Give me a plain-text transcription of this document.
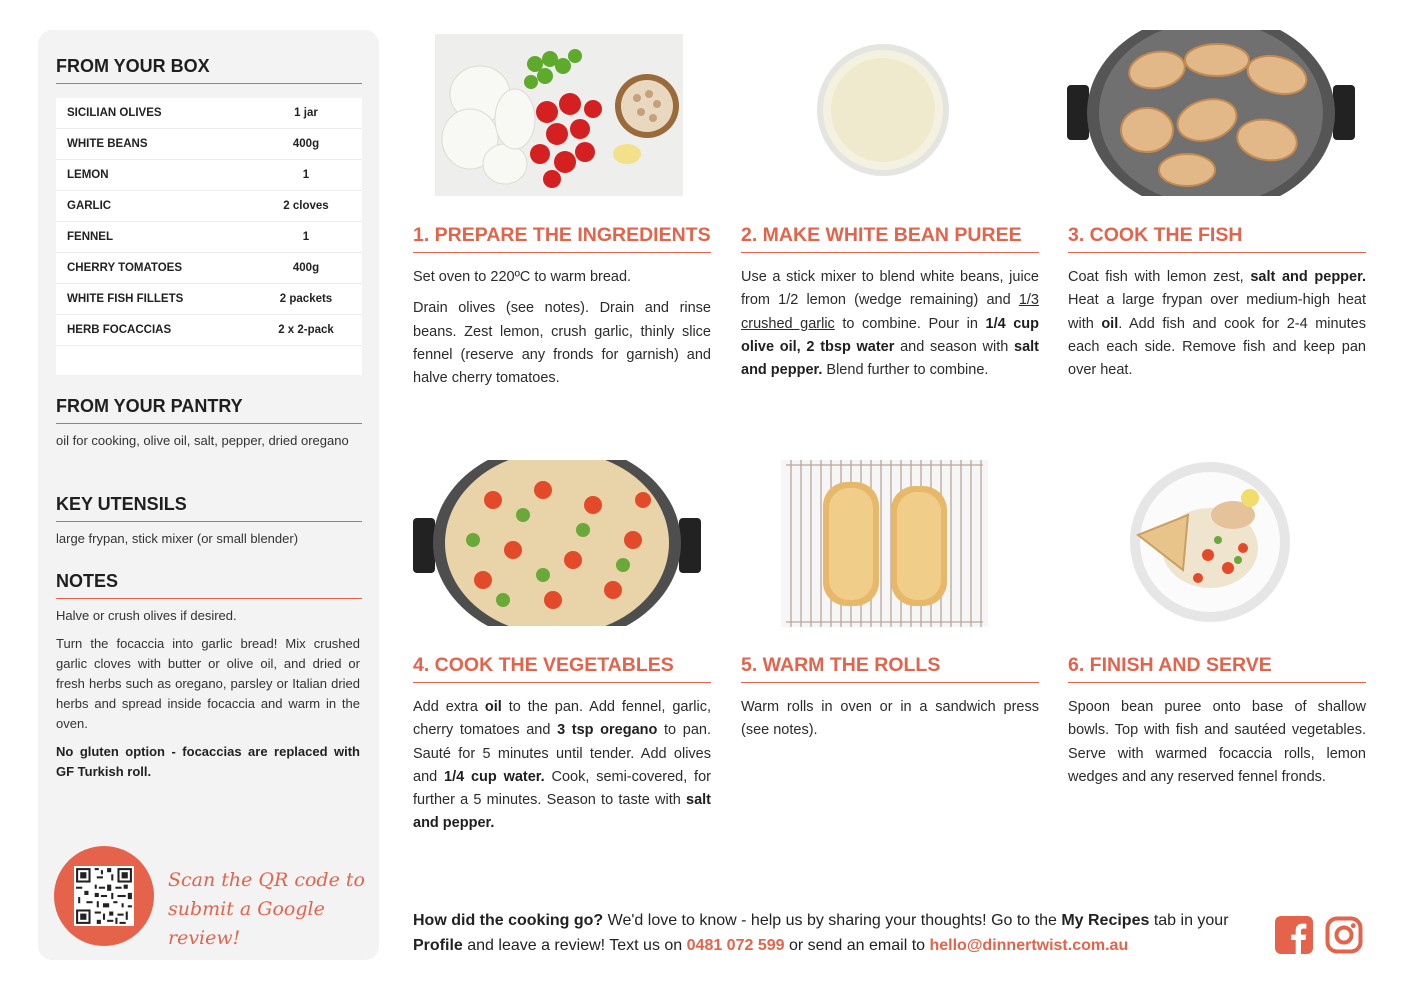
FROM YOUR BOX
SICILIAN OLIVES	1 jar
WHITE BEANS	400g
LEMON	1
GARLIC	2 cloves
FENNEL	1
CHERRY TOMATOES	400g
WHITE FISH FILLETS	2 packets
HERB FOCACCIAS	2 x 2-pack
FROM YOUR PANTRY
oil for cooking, olive oil, salt, pepper, dried oregano
KEY UTENSILS
large frypan, stick mixer (or small blender)
NOTES

Halve or crush olives if desired.

Turn the focaccia into garlic bread! Mix crushed garlic cloves with butter or olive oil, and dried or fresh herbs such as oregano, parsley or Italian dried herbs and spread inside focaccia and warm in the oven.

No gluten option - focaccias are replaced with GF Turkish roll.

Scan the QR code to
submit a Google review!
1. PREPARE THE INGREDIENTS

Set oven to 220ºC to warm bread.

Drain olives (see notes). Drain and rinse beans. Zest lemon, crush garlic, thinly slice fennel (reserve any fronds for garnish) and halve cherry tomatoes.

2. MAKE WHITE BEAN PUREE
Use a stick mixer to blend white beans, juice from 1/2 lemon (wedge remaining) and 1/3 crushed garlic to combine. Pour in 1/4 cup olive oil, 2 tbsp water and season with salt and pepper. Blend further to combine.
3. COOK THE FISH
Coat fish with lemon zest, salt and pepper. Heat a large frypan over medium-high heat with oil. Add fish and cook for 2-4 minutes each each side. Remove fish and keep pan over heat.
4. COOK THE VEGETABLES
Add extra oil to the pan. Add fennel, garlic, cherry tomatoes and 3 tsp oregano to pan. Sauté for 5 minutes until tender. Add olives and 1/4 cup water. Cook, semi-covered, for further a 5 minutes. Season to taste with salt and pepper.
5. WARM THE ROLLS

Warm rolls in oven or in a sandwich press (see notes).

6. FINISH AND SERVE

Spoon bean puree onto base of shallow bowls. Top with fish and sautéed vegetables. Serve with warmed focaccia rolls, lemon wedges and any reserved fennel fronds.

How did the cooking go? We'd love to know - help us by sharing your thoughts! Go to the My Recipes tab in your Profile and leave a review! Text us on 0481 072 599 or send an email to hello@dinnertwist.com.au
